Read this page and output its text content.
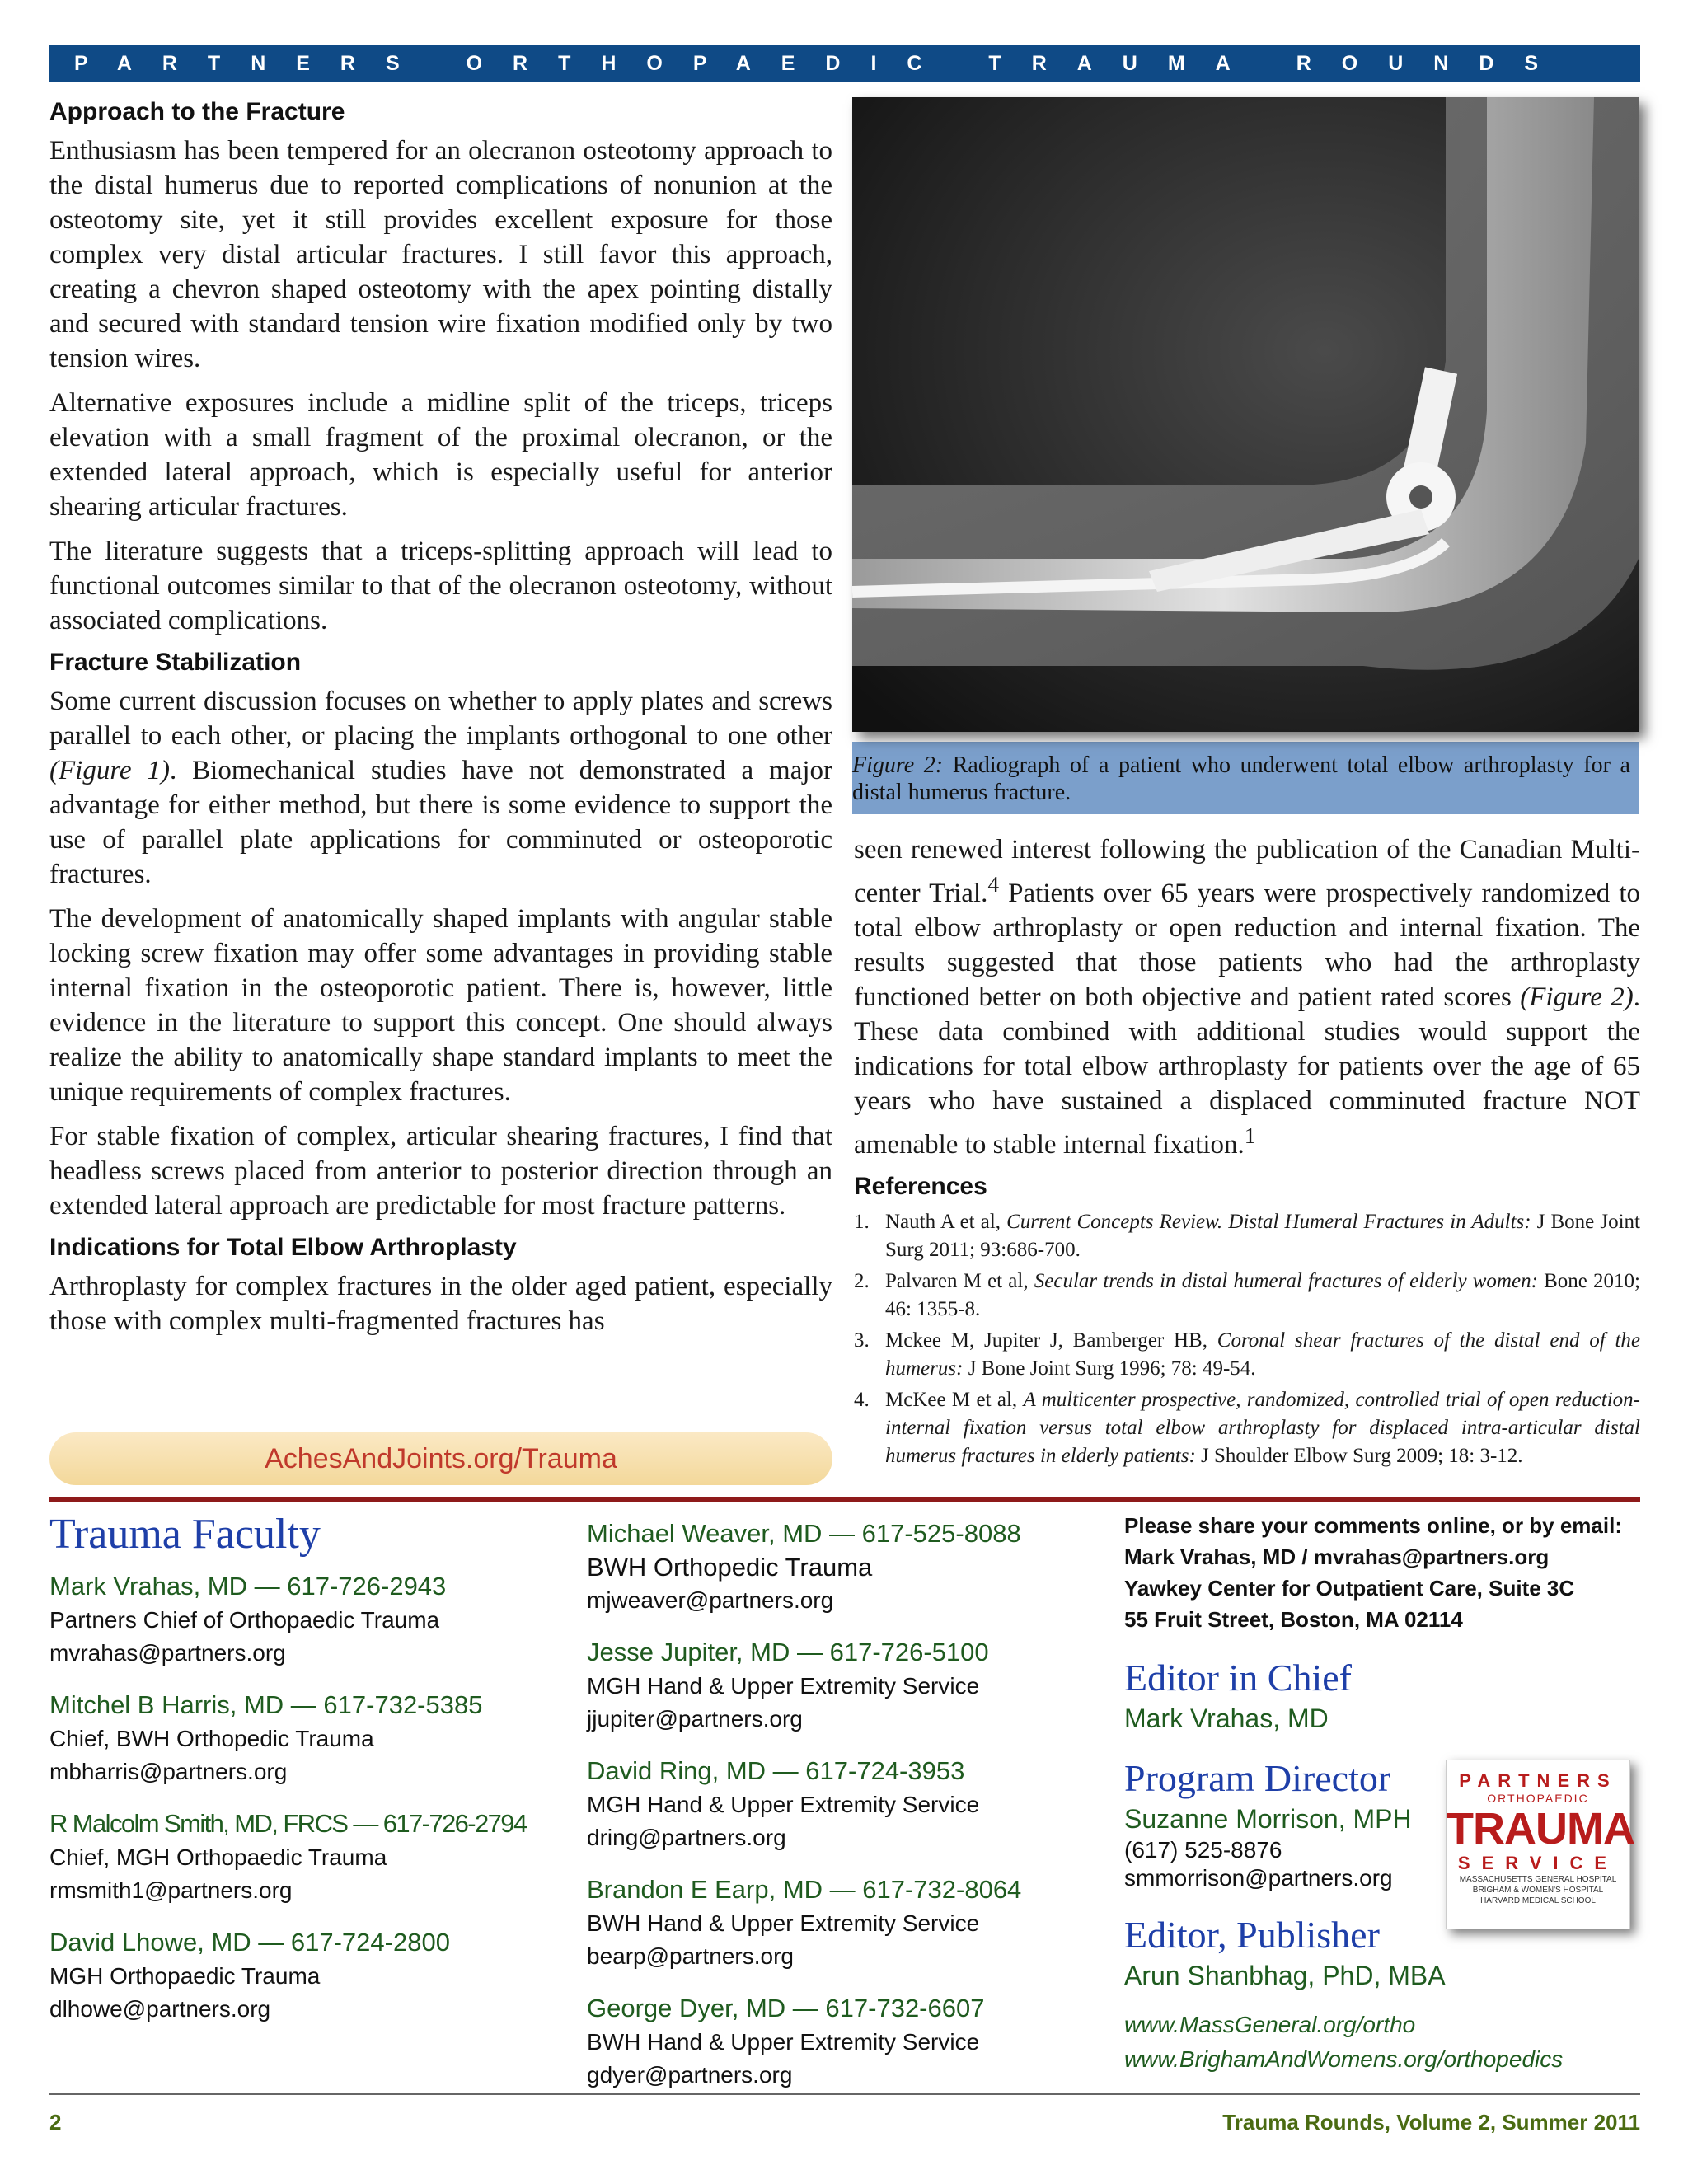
PARTNERS ORTHOPAEDIC TRAUMA ROUNDS
Approach to the Fracture

Enthusiasm has been tempered for an olecranon osteotomy approach to the distal humerus due to reported complications of nonunion at the osteotomy site, yet it still provides excellent exposure for those complex very distal articular fractures. I still favor this approach, creating a chevron shaped osteotomy with the apex pointing distally and secured with standard tension wire fixation modified only by two tension wires.

Alternative exposures include a midline split of the triceps, triceps elevation with a small fragment of the proximal olecranon, or the extended lateral approach, which is especially useful for anterior shearing articular fractures.

The literature suggests that a triceps-splitting approach will lead to functional outcomes similar to that of the olecranon osteotomy, without associated complications.

Fracture Stabilization

Some current discussion focuses on whether to apply plates and screws parallel to each other, or placing the implants orthogonal to one other (Figure 1). Biomechanical studies have not demonstrated a major advantage for either method, but there is some evidence to support the use of parallel plate applications for comminuted or osteoporotic fractures.

The development of anatomically shaped implants with angular stable locking screw fixation may offer some advantages in providing stable internal fixation in the osteoporotic patient. There is, however, little evidence in the literature to support this concept. One should always realize the ability to anatomically shape standard implants to meet the unique requirements of complex fractures.

For stable fixation of complex, articular shearing fractures, I find that headless screws placed from anterior to posterior direction through an extended lateral approach are predictable for most fracture patterns.

Indications for Total Elbow Arthroplasty

Arthroplasty for complex fractures in the older aged patient, especially those with complex multi-fragmented fractures has

Figure 2: Radiograph of a patient who underwent total elbow arthroplasty for a distal humerus fracture.

seen renewed interest following the publication of the Canadian Multi-center Trial.$^4$ Patients over 65 years were prospectively randomized to total elbow arthroplasty or open reduction and internal fixation. The results suggested that those patients who had the arthroplasty functioned better on both objective and patient rated scores (Figure 2). These data combined with additional studies would support the indications for total elbow arthroplasty for patients over the age of 65 years who have sustained a displaced comminuted fracture NOT amenable to stable internal fixation.$^1$

References
1. Nauth A et al, Current Concepts Review. Distal Humeral Fractures in Adults: J Bone Joint Surg 2011; 93:686-700.
2. Palvaren M et al, Secular trends in distal humeral fractures of elderly women: Bone 2010; 46: 1355-8.
3. Mckee M, Jupiter J, Bamberger HB, Coronal shear fractures of the distal end of the humerus: J Bone Joint Surg 1996; 78: 49-54.
4. McKee M et al, A multicenter prospective, randomized, controlled trial of open reduction-internal fixation versus total elbow arthroplasty for displaced intra-articular distal humerus fractures in elderly patients: J Shoulder Elbow Surg 2009; 18: 3-12.
AchesAndJoints.org/Trauma
Trauma Faculty
Mark Vrahas, MD — 617-726-2943
Partners Chief of Orthopaedic Trauma
mvrahas@partners.org
Mitchel B Harris, MD — 617-732-5385
Chief, BWH Orthopedic Trauma
mbharris@partners.org
R Malcolm Smith, MD, FRCS — 617-726-2794
Chief, MGH Orthopaedic Trauma
rmsmith1@partners.org
David Lhowe, MD — 617-724-2800
MGH Orthopaedic Trauma
dlhowe@partners.org
Michael Weaver, MD — 617-525-8088
BWH Orthopedic Trauma
mjweaver@partners.org
Jesse Jupiter, MD — 617-726-5100
MGH Hand & Upper Extremity Service
jjupiter@partners.org
David Ring, MD — 617-724-3953
MGH Hand & Upper Extremity Service
dring@partners.org
Brandon E Earp, MD — 617-732-8064
BWH Hand & Upper Extremity Service
bearp@partners.org
George Dyer, MD — 617-732-6607
BWH Hand & Upper Extremity Service
gdyer@partners.org
Please share your comments online, or by email:
Mark Vrahas, MD / mvrahas@partners.org
Yawkey Center for Outpatient Care, Suite 3C
55 Fruit Street, Boston, MA 02114
Editor in Chief
Mark Vrahas, MD
Program Director
Suzanne Morrison, MPH
(617) 525-8876
smmorrison@partners.org
Editor, Publisher
Arun Shanbhag, PhD, MBA
www.MassGeneral.org/ortho
www.BrighamAndWomens.org/orthopedics
PARTNERS
ORTHOPAEDIC
TRAUMA
SERVICE
MASSACHUSETTS GENERAL HOSPITAL
BRIGHAM & WOMEN'S HOSPITAL
HARVARD MEDICAL SCHOOL
2	Trauma Rounds, Volume 2, Summer 2011
